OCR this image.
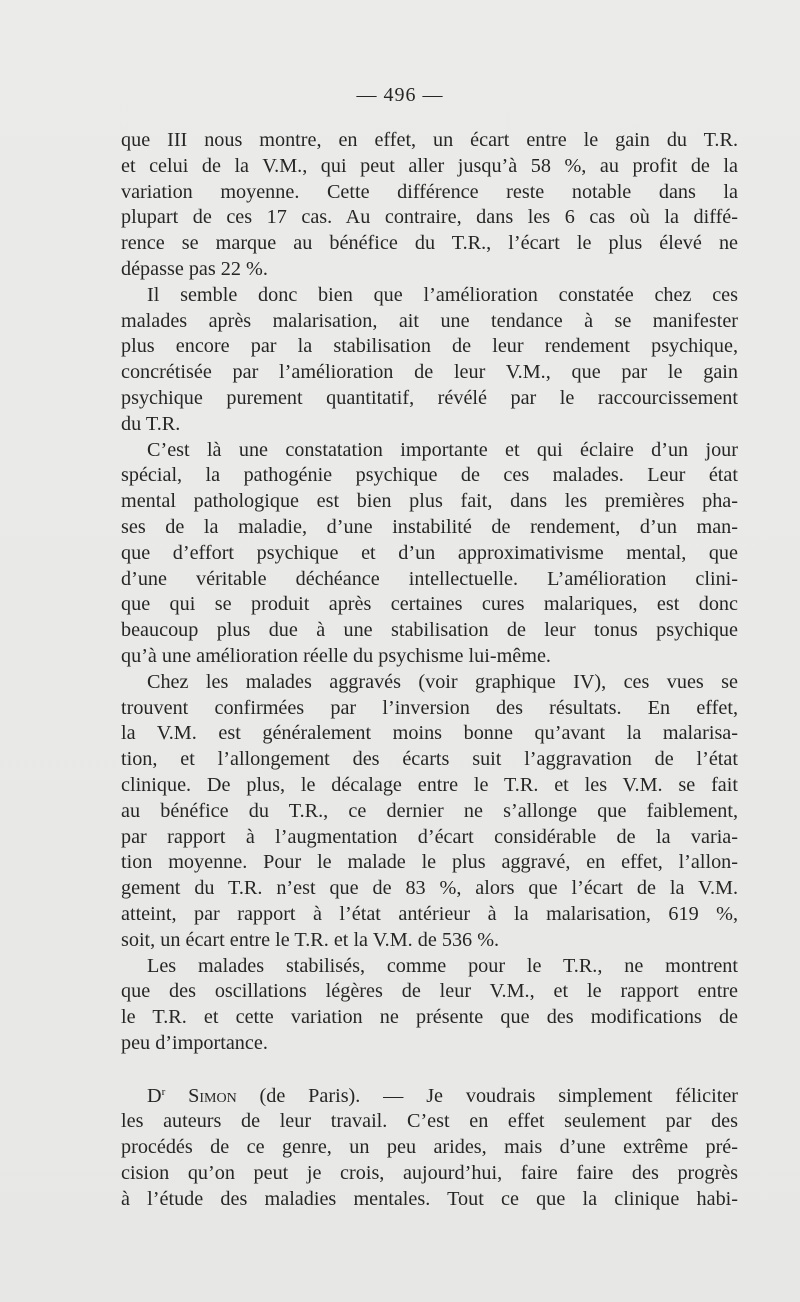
— 496 —
que III nous montre, en effet, un écart entre le gain du T.R.
et celui de la V.M., qui peut aller jusqu’à 58 %, au profit de la
variation moyenne. Cette différence reste notable dans la
plupart de ces 17 cas. Au contraire, dans les 6 cas où la diffé-
rence se marque au bénéfice du T.R., l’écart le plus élevé ne
dépasse pas 22 %.
Il semble donc bien que l’amélioration constatée chez ces
malades après malarisation, ait une tendance à se manifester
plus encore par la stabilisation de leur rendement psychique,
concrétisée par l’amélioration de leur V.M., que par le gain
psychique purement quantitatif, révélé par le raccourcissement
du T.R.
C’est là une constatation importante et qui éclaire d’un jour
spécial, la pathogénie psychique de ces malades. Leur état
mental pathologique est bien plus fait, dans les premières pha-
ses de la maladie, d’une instabilité de rendement, d’un man-
que d’effort psychique et d’un approximativisme mental, que
d’une véritable déchéance intellectuelle. L’amélioration clini-
que qui se produit après certaines cures malariques, est donc
beaucoup plus due à une stabilisation de leur tonus psychique
qu’à une amélioration réelle du psychisme lui-même.
Chez les malades aggravés (voir graphique IV), ces vues se
trouvent confirmées par l’inversion des résultats. En effet,
la V.M. est généralement moins bonne qu’avant la malarisa-
tion, et l’allongement des écarts suit l’aggravation de l’état
clinique. De plus, le décalage entre le T.R. et les V.M. se fait
au bénéfice du T.R., ce dernier ne s’allonge que faiblement,
par rapport à l’augmentation d’écart considérable de la varia-
tion moyenne. Pour le malade le plus aggravé, en effet, l’allon-
gement du T.R. n’est que de 83 %, alors que l’écart de la V.M.
atteint, par rapport à l’état antérieur à la malarisation, 619 %,
soit, un écart entre le T.R. et la V.M. de 536 %.
Les malades stabilisés, comme pour le T.R., ne montrent
que des oscillations légères de leur V.M., et le rapport entre
le T.R. et cette variation ne présente que des modifications de
peu d’importance.
$D^r$ Simon (de Paris). — Je voudrais simplement féliciter
les auteurs de leur travail. C’est en effet seulement par des
procédés de ce genre, un peu arides, mais d’une extrême pré-
cision qu’on peut je crois, aujourd’hui, faire faire des progrès
à l’étude des maladies mentales. Tout ce que la clinique habi-
